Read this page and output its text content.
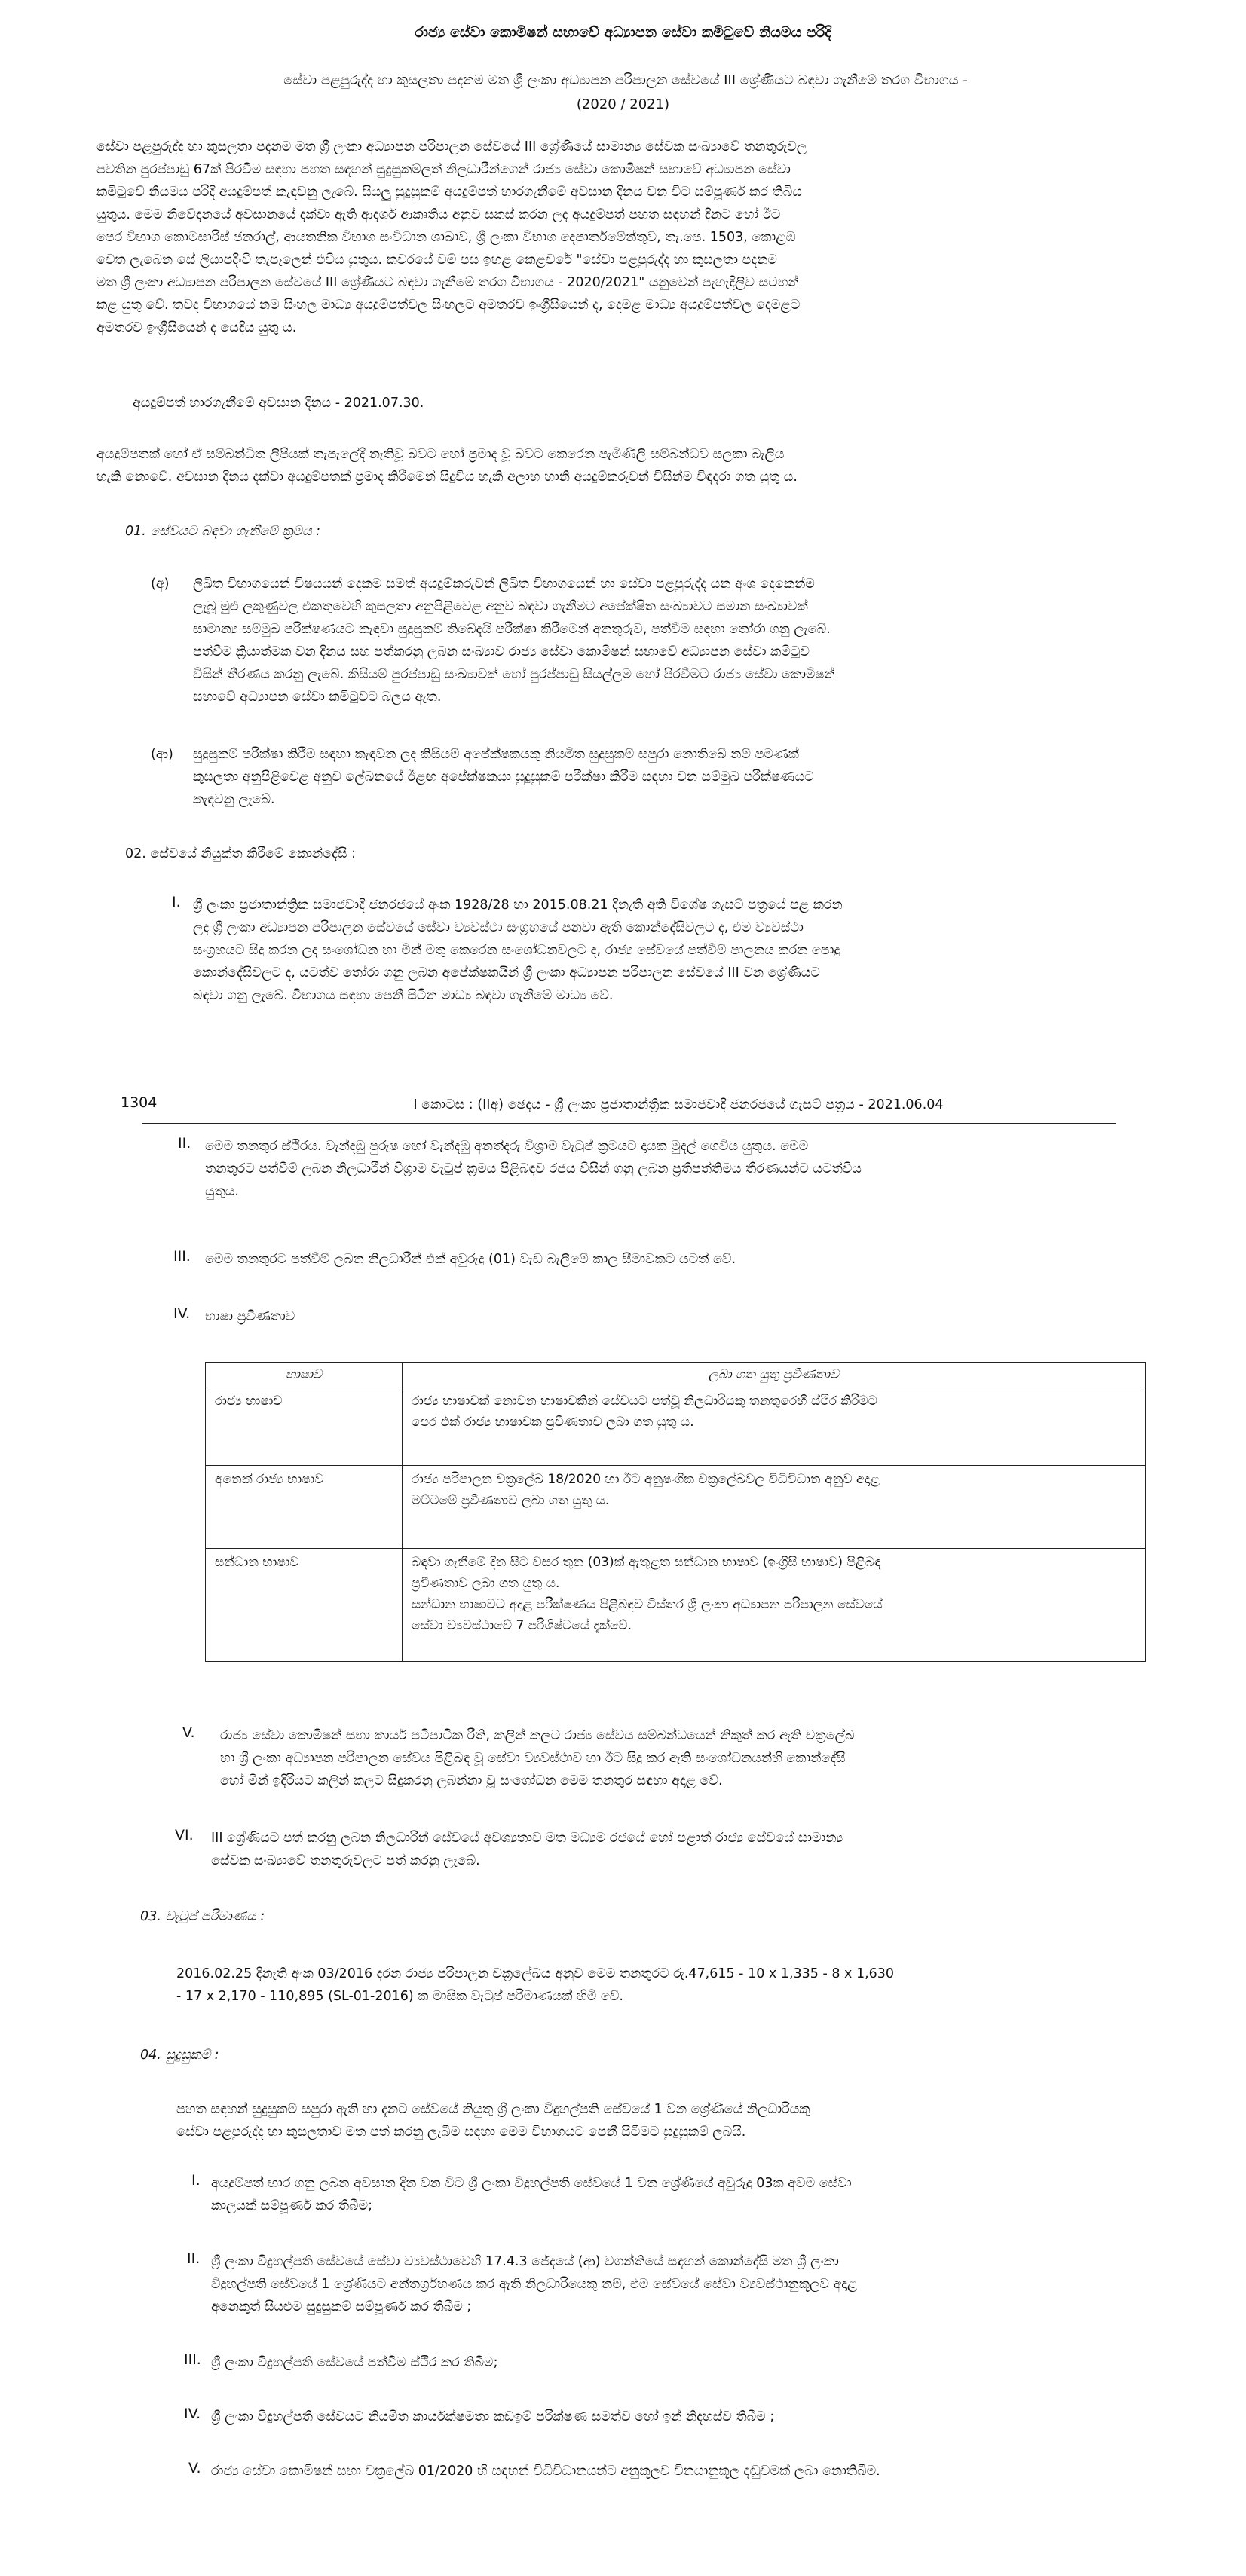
රාජ්‍ය සේවා කොමිෂන් සභාවේ අධ්‍යාපන සේවා කමිටුවේ නියමය පරිදි
සේවා පළපුරුද්ද හා කුසලතා පදනම මත ශ්‍රී ලංකා අධ්‍යාපන පරිපාලන සේවයේ III ශ්‍රේණියට බඳවා ගැනීමේ තරග විභාගය -
(2020 / 2021)
සේවා පළපුරුද්ද හා කුසලතා පදනම මත ශ්‍රී ලංකා අධ්‍යාපන පරිපාලන සේවයේ III ශ්‍රේණියේ සාමාන්‍ය සේවක සංඛ්‍යාවේ තනතුරුවල
පවතින පුරප්පාඩු 67ක් පිරවීම සඳහා පහත සඳහන් සුදුසුකම්ලත් නිලධාරීන්ගෙන් රාජ්‍ය සේවා කොමිෂන් සභාවේ අධ්‍යාපන සේවා
කමිටුවේ නියමය පරිදි අයදුම්පත් කැඳවනු ලැබේ. සියලු සුදුසුකම් අයදුම්පත් භාරගැනීමේ අවසාන දිනය වන විට සම්පූර්ණ කර තිබිය
යුතුය. මෙම නිවේදනයේ අවසානයේ දක්වා ඇති ආදර්ශ ආකෘතිය අනුව සකස් කරන ලද අයදුම්පත් පහත සඳහන් දිනට හෝ ඊට
පෙර විභාග කොමසාරිස් ජනරාල්, ආයතනික විභාග සංවිධාන ශාඛාව, ශ්‍රී ලංකා විභාග දෙපාර්තමේන්තුව, තැ.පෙ. 1503, කොළඹ
වෙත ලැබෙන සේ ලියාපදිංචි තැපෑලෙන් එවිය යුතුය. කවරයේ වම් පස ඉහළ කෙළවරේ "සේවා පළපුරුද්ද හා කුසලතා පදනම
මත ශ්‍රී ලංකා අධ්‍යාපන පරිපාලන සේවයේ III ශ්‍රේණියට බඳවා ගැනීමේ තරග විභාගය - 2020/2021" යනුවෙන් පැහැදිලිව සටහන්
කළ යුතු වේ. තවද විභාගයේ නම සිංහල මාධ්‍ය අයදුම්පත්වල සිංහලට අමතරව ඉංග්‍රීසියෙන් ද, දෙමළ මාධ්‍ය අයදුම්පත්වල දෙමළට
අමතරව ඉංග්‍රීසියෙන් ද යෙදිය යුතු ය.
අයදුම්පත් භාරගැනීමේ අවසාන දිනය - 2021.07.30.
අයදුම්පතක් හෝ ඒ සම්බන්ධිත ලිපියක් තැපැලේදී නැතිවූ බවට හෝ ප්‍රමාද වූ බවට කෙරෙන පැමිණිලි සම්බන්ධව සලකා බැලිය
හැකි නොවේ. අවසාන දිනය දක්වා අයදුම්පතක් ප්‍රමාද කිරීමෙන් සිදුවිය හැකි අලාභ හානි අයදුම්කරුවන් විසින්ම විඳදරා ගත යුතු ය.
01. සේවයට බඳවා ගැනීමේ ක්‍රමය :
(අ) ලිඛිත විභාගයෙන් විෂයයන් දෙකම සමත් අයදුම්කරුවන් ලිඛිත විභාගයෙන් හා සේවා පළපුරුද්ද යන අංශ දෙකෙන්ම
ලැබූ මුළු ලකුණුවල එකතුවෙහි කුසලතා අනුපිළිවෙළ අනුව බඳවා ගැනීමට අපේක්ෂිත සංඛ්‍යාවට සමාන සංඛ්‍යාවක්
සාමාන්‍ය සම්මුඛ පරීක්ෂණයට කැඳවා සුදුසුකම් තිබේදැයි පරීක්ෂා කිරීමෙන් අනතුරුව, පත්වීම සඳහා තෝරා ගනු ලැබේ.
පත්වීම ක්‍රියාත්මක වන දිනය සහ පත්කරනු ලබන සංඛ්‍යාව රාජ්‍ය සේවා කොමිෂන් සභාවේ අධ්‍යාපන සේවා කමිටුව
විසින් තීරණය කරනු ලැබේ. කිසියම් පුරප්පාඩු සංඛ්‍යාවක් හෝ පුරප්පාඩු සියල්ලම හෝ පිරවීමට රාජ්‍ය සේවා කොමිෂන්
සභාවේ අධ්‍යාපන සේවා කමිටුවට බලය ඇත.
(ආ) සුදුසුකම් පරීක්ෂා කිරීම සඳහා කැඳවන ලද කිසියම් අපේක්ෂකයකු නියමිත සුදුසුකම් සපුරා නොතිබේ නම් පමණක්
කුසලතා අනුපිළිවෙළ අනුව ලේඛනයේ ඊළඟ අපේක්ෂකයා සුදුසුකම් පරීක්ෂා කිරීම සඳහා වන සම්මුඛ පරීක්ෂණයට
කැඳවනු ලැබේ.
02. සේවයේ නියුක්ත කිරීමේ කොන්දේසි :
I. ශ්‍රී ලංකා ප්‍රජාතාන්ත්‍රික සමාජවාදී ජනරජයේ අංක 1928/28 හා 2015.08.21 දිනැති අති විශේෂ ගැසට් පත්‍රයේ පළ කරන
ලද ශ්‍රී ලංකා අධ්‍යාපන පරිපාලන සේවයේ සේවා ව්‍යවස්ථා සංග්‍රහයේ පනවා ඇති කොන්දේසිවලට ද, එම ව්‍යවස්ථා
සංග්‍රහයට සිදු කරන ලද සංශෝධන හා මින් මතු කෙරෙන සංශෝධනවලට ද, රාජ්‍ය සේවයේ පත්වීම් පාලනය කරන පොදු
කොන්දේසිවලට ද, යටත්ව තෝරා ගනු ලබන අපේක්ෂකයින් ශ්‍රී ලංකා අධ්‍යාපන පරිපාලන සේවයේ III වන ශ්‍රේණියට
බඳවා ගනු ලැබේ. විභාගය සඳහා පෙනී සිටින මාධ්‍ය බඳවා ගැනීමේ මාධ්‍ය වේ.
1304	I කොටස : (IIඅ) ඡෙදය - ශ්‍රී ලංකා ප්‍රජාතාන්ත්‍රික සමාජවාදී ජනරජයේ ගැසට් පත්‍රය - 2021.06.04
II. මෙම තනතුර ස්ථිරය. වැන්දඹු පුරුෂ හෝ වැන්දඹු අනත්දරු විශ්‍රාම වැටුප් ක්‍රමයට දායක මුදල් ගෙවිය යුතුය. මෙම
තනතුරට පත්වීම් ලබන නිලධාරීන් විශ්‍රාම වැටුප් ක්‍රමය පිළිබඳව රජය විසින් ගනු ලබන ප්‍රතිපත්තිමය තීරණයන්ට යටත්විය
යුතුය.
III. මෙම තනතුරට පත්වීම් ලබන නිලධාරීන් එක් අවුරුදු (01) වැඩ බැලීමේ කාල සීමාවකට යටත් වේ.
IV. භාෂා ප්‍රවීණතාව
භාෂාව	ලබා ගත යුතු ප්‍රවීණතාව
රාජ්‍ය භාෂාව	රාජ්‍ය භාෂාවක් නොවන භාෂාවකින් සේවයට පත්වූ නිලධාරියකු තනතුරෙහි ස්ථිර කිරීමට
පෙර එක් රාජ්‍ය භාෂාවක ප්‍රවීණතාව ලබා ගත යුතු ය.

අනෙක් රාජ්‍ය භාෂාව	රාජ්‍ය පරිපාලන චක්‍රලේඛ 18/2020 හා ඊට අනුෂංගික චක්‍රලේඛවල විධිවිධාන අනුව අදාළ
මට්ටමේ ප්‍රවීණතාව ලබා ගත යුතු ය.

සන්ධාන භාෂාව	බඳවා ගැනීමේ දින සිට වසර තුන (03)ක් ඇතුළත සන්ධාන භාෂාව (ඉංග්‍රීසි භාෂාව) පිළිබඳ
ප්‍රවීණතාව ලබා ගත යුතු ය.
සන්ධාන භාෂාවට අදාළ පරීක්ෂණය පිළිබඳව විස්තර ශ්‍රී ලංකා අධ්‍යාපන පරිපාලන සේවයේ
සේවා ව්‍යවස්ථාවේ 7 පරිශිෂ්ටයේ දැක්වේ.
V. රාජ්‍ය සේවා කොමිෂන් සභා කාර්ය පටිපාටික රීති, කලින් කලට රාජ්‍ය සේවය සම්බන්ධයෙන් නිකුත් කර ඇති චක්‍රලේඛ
හා ශ්‍රී ලංකා අධ්‍යාපන පරිපාලන සේවය පිළිබඳ වූ සේවා ව්‍යවස්ථාව හා ඊට සිදු කර ඇති සංශෝධනයන්හි කොන්දේසි
හෝ මින් ඉදිරියට කලින් කලට සිදුකරනු ලබන්නා වූ සංශෝධන මෙම තනතුර සඳහා අදාළ වේ.
VI. III ශ්‍රේණියට පත් කරනු ලබන නිලධාරීන් සේවයේ අවශ්‍යතාව මත මධ්‍යම රජයේ හෝ පළාත් රාජ්‍ය සේවයේ සාමාන්‍ය
සේවක සංඛ්‍යාවේ තනතුරුවලට පත් කරනු ලැබේ.
03. වැටුප් පරිමාණය :
2016.02.25 දිනැති අංක 03/2016 දරන රාජ්‍ය පරිපාලන චක්‍රලේඛය අනුව මෙම තනතුරට රු.47,615 - 10 x 1,335 - 8 x 1,630
- 17 x 2,170 - 110,895 (SL-01-2016) ක මාසික වැටුප් පරිමාණයක් හිමි වේ.
04. සුදුසුකම් :
පහත සඳහන් සුදුසුකම් සපුරා ඇති හා දැනට සේවයේ නියුතු ශ්‍රී ලංකා විදුහල්පති සේවයේ 1 වන ශ්‍රේණියේ නිලධාරියකු
සේවා පළපුරුද්ද හා කුසලතාව මත පත් කරනු ලැබීම සඳහා මෙම විභාගයට පෙනී සිටීමට සුදුසුකම් ලබයි.
I. අයදුම්පත් භාර ගනු ලබන අවසාන දින වන විට ශ්‍රී ලංකා විදුහල්පති සේවයේ 1 වන ශ්‍රේණියේ අවුරුදු 03ක අවම සේවා
කාලයක් සම්පූර්ණ කර තිබීම;
II. ශ්‍රී ලංකා විදුහල්පති සේවයේ සේවා ව්‍යවස්ථාවෙහි 17.4.3 ජේදයේ (ආ) වගන්තියේ සඳහන් කොන්දේසි මත ශ්‍රී ලංකා
විදුහල්පති සේවයේ 1 ශ්‍රේණියට අන්තර්ග්‍රහණය කර ඇති නිලධාරියෙකු නම්, එම සේවයේ සේවා ව්‍යවස්ථානුකූලව අදාළ
අනෙකුත් සියළුම සුදුසුකම් සම්පූර්ණ කර තිබීම ;
III. ශ්‍රී ලංකා විදුහල්පති සේවයේ පත්වීම ස්ථිර කර තිබීම;
IV. ශ්‍රී ලංකා විදුහල්පති සේවයට නියමිත කාර්යක්ෂමතා කඩඉම් පරීක්ෂණ සමත්ව හෝ ඉන් නිදහස්ව තිබීම ;
V. රාජ්‍ය සේවා කොමිෂන් සභා චක්‍රලේඛ 01/2020 හි සඳහන් විධිවිධානයන්ට අනුකූලව විනයානුකූල දඬුවමක් ලබා නොතිබීම.
